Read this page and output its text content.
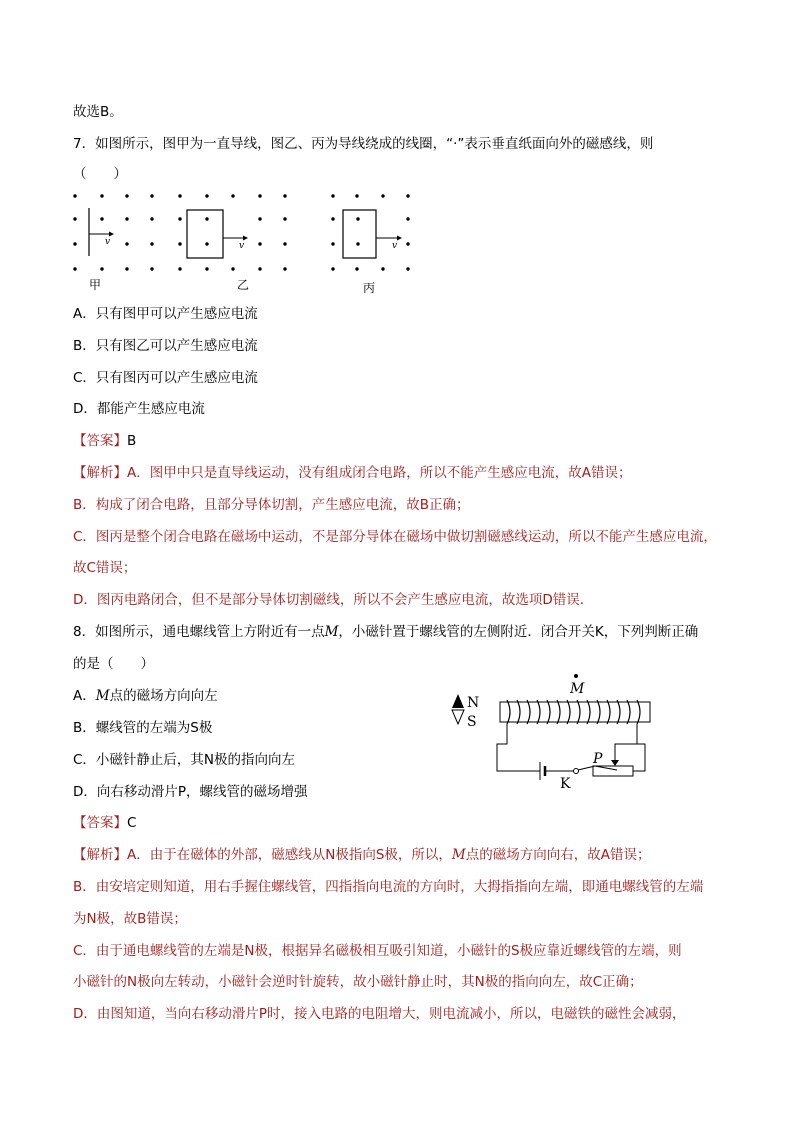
故选B。
7．如图所示，图甲为一直导线，图乙、丙为导线绕成的线圈，“·”表示垂直纸面向外的磁感线，则
（　　）
v
甲
v
乙
v
丙
A．只有图甲可以产生感应电流
B．只有图乙可以产生感应电流
C．只有图丙可以产生感应电流
D．都能产生感应电流
【答案】B
【解析】A．图甲中只是直导线运动，没有组成闭合电路，所以不能产生感应电流，故A错误；
B．构成了闭合电路，且部分导体切割，产生感应电流，故B正确；
C．图丙是整个闭合电路在磁场中运动，不是部分导体在磁场中做切割磁感线运动，所以不能产生感应电流，
故C错误；
D．图丙电路闭合，但不是部分导体切割磁线，所以不会产生感应电流，故选项D错误．
8．如图所示，通电螺线管上方附近有一点M，小磁针置于螺线管的左侧附近．闭合开关K，下列判断正确
的是（　　）
A．M点的磁场方向向左
B．螺线管的左端为S极
C．小磁针静止后，其N极的指向向左
D．向右移动滑片P，螺线管的磁场增强
N
S
M
K
P
【答案】C
【解析】A．由于在磁体的外部，磁感线从N极指向S极，所以，M点的磁场方向向右，故A错误；
B．由安培定则知道，用右手握住螺线管，四指指向电流的方向时，大拇指指向左端，即通电螺线管的左端
为N极，故B错误；
C．由于通电螺线管的左端是N极，根据异名磁极相互吸引知道，小磁针的S极应靠近螺线管的左端，则
小磁针的N极向左转动，小磁针会逆时针旋转，故小磁针静止时，其N极的指向向左，故C正确；
D．由图知道，当向右移动滑片P时，接入电路的电阻增大，则电流减小，所以，电磁铁的磁性会减弱，
